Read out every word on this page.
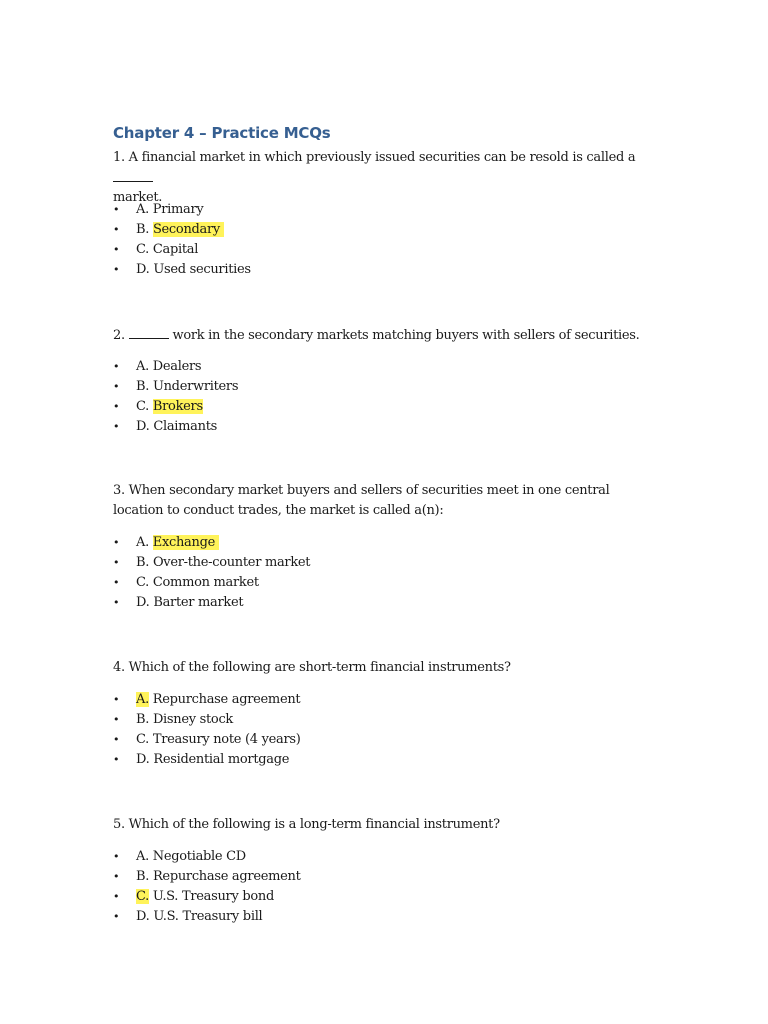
Chapter 4 – Practice MCQs

1. A financial market in which previously issued securities can be resold is called a
market.

• A. Primary
• B. Secondary
• C. Capital
• D. Used securities

2.	work in the secondary markets matching buyers with sellers of securities.

• A. Dealers
• B. Underwriters
• C. Brokers
• D. Claimants

3. When secondary market buyers and sellers of securities meet in one central location to conduct trades, the market is called a(n):

• A. Exchange
• B. Over-the-counter market
• C. Common market
• D. Barter market

4. Which of the following are short-term financial instruments?

• A. Repurchase agreement
• B. Disney stock
• C. Treasury note (4 years)
• D. Residential mortgage

5. Which of the following is a long-term financial instrument?

• A. Negotiable CD
• B. Repurchase agreement
• C. U.S. Treasury bond
• D. U.S. Treasury bill
